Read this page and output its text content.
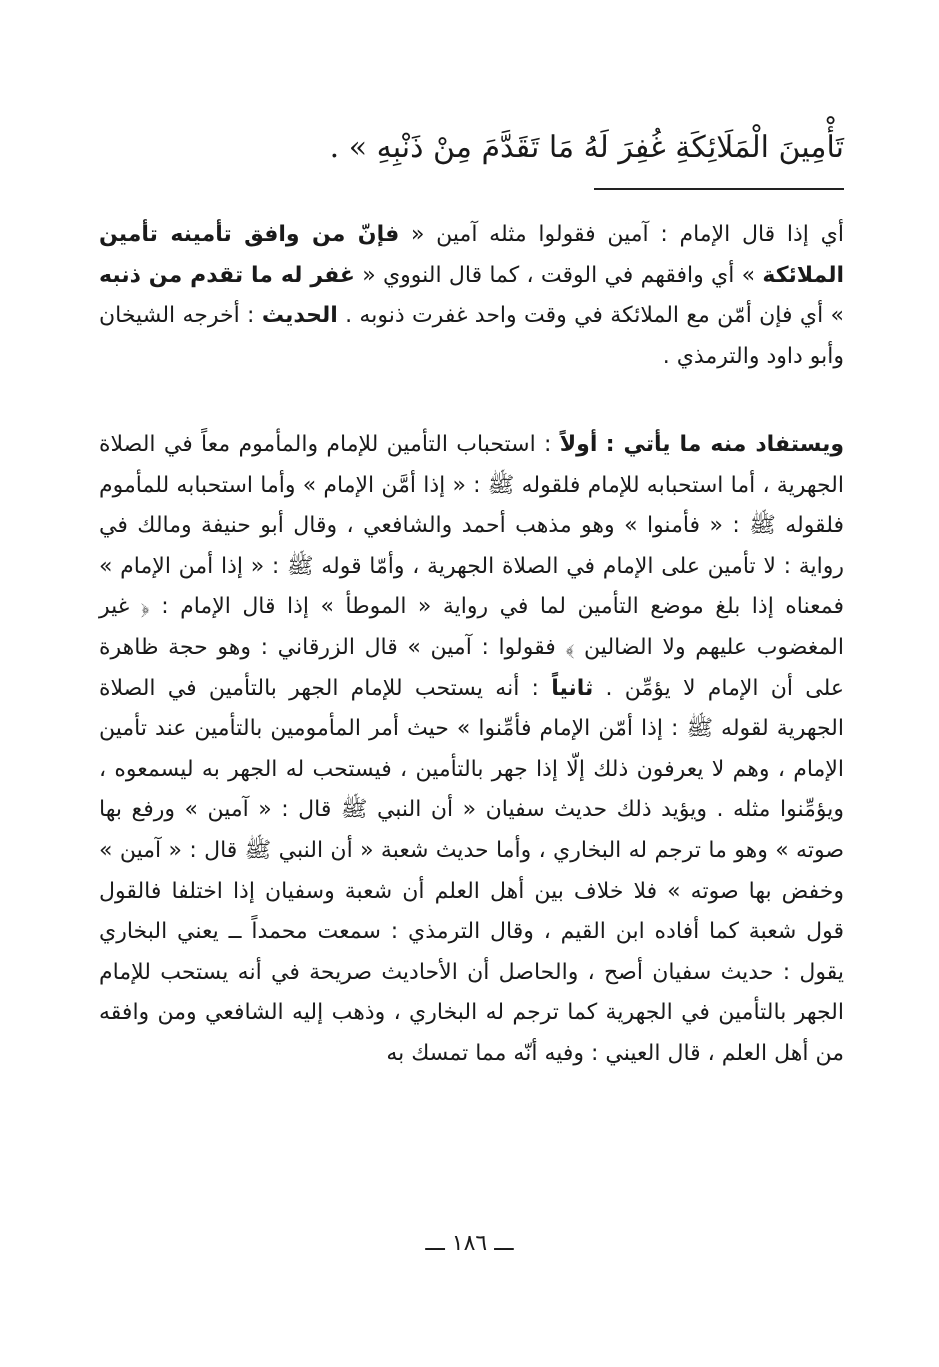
تَأْمِينَ الْمَلَائِكَةِ غُفِرَ لَهُ مَا تَقَدَّمَ مِنْ ذَنْبِهِ » .

أي إذا قال الإمام : آمين فقولوا مثله آمين « فإنّ من وافق تأمينه تأمين الملائكة » أي وافقهم في الوقت ، كما قال النووي « غفر له ما تقدم من ذنبه » أي فإن أمّن مع الملائكة في وقت واحد غفرت ذنوبه . الحديث : أخرجه الشيخان وأبو داود والترمذي .

ويستفاد منه ما يأتي : أولاً : استحباب التأمين للإمام والمأموم معاً في الصلاة الجهرية ، أما استحبابه للإمام فلقوله ﷺ : « إذا أمَّن الإمام » وأما استحبابه للمأموم فلقوله ﷺ : « فأمنوا » وهو مذهب أحمد والشافعي ، وقال أبو حنيفة ومالك في رواية : لا تأمين على الإمام في الصلاة الجهرية ، وأمّا قوله ﷺ : « إذا أمن الإمام » فمعناه إذا بلغ موضع التأمين لما في رواية « الموطأ » إذا قال الإمام : ﴿ غير المغضوب عليهم ولا الضالين ﴾ فقولوا : آمين » قال الزرقاني : وهو حجة ظاهرة على أن الإمام لا يؤمِّن . ثانياً : أنه يستحب للإمام الجهر بالتأمين في الصلاة الجهرية لقوله ﷺ : إذا أمّن الإمام فأمِّنوا » حيث أمر المأمومين بالتأمين عند تأمين الإمام ، وهم لا يعرفون ذلك إلّا إذا جهر بالتأمين ، فيستحب له الجهر به ليسمعوه ، ويؤمِّنوا مثله . ويؤيد ذلك حديث سفيان « أن النبي ﷺ قال : « آمين » ورفع بها صوته » وهو ما ترجم له البخاري ، وأما حديث شعبة « أن النبي ﷺ قال : « آمين » وخفض بها صوته » فلا خلاف بين أهل العلم أن شعبة وسفيان إذا اختلفا فالقول قول شعبة كما أفاده ابن القيم ، وقال الترمذي : سمعت محمداً ــ يعني البخاري يقول : حديث سفيان أصح ، والحاصل أن الأحاديث صريحة في أنه يستحب للإمام الجهر بالتأمين في الجهرية كما ترجم له البخاري ، وذهب إليه الشافعي ومن وافقه من أهل العلم ، قال العيني : وفيه أنّه مما تمسك به

ـــ ١٨٦ ـــ
